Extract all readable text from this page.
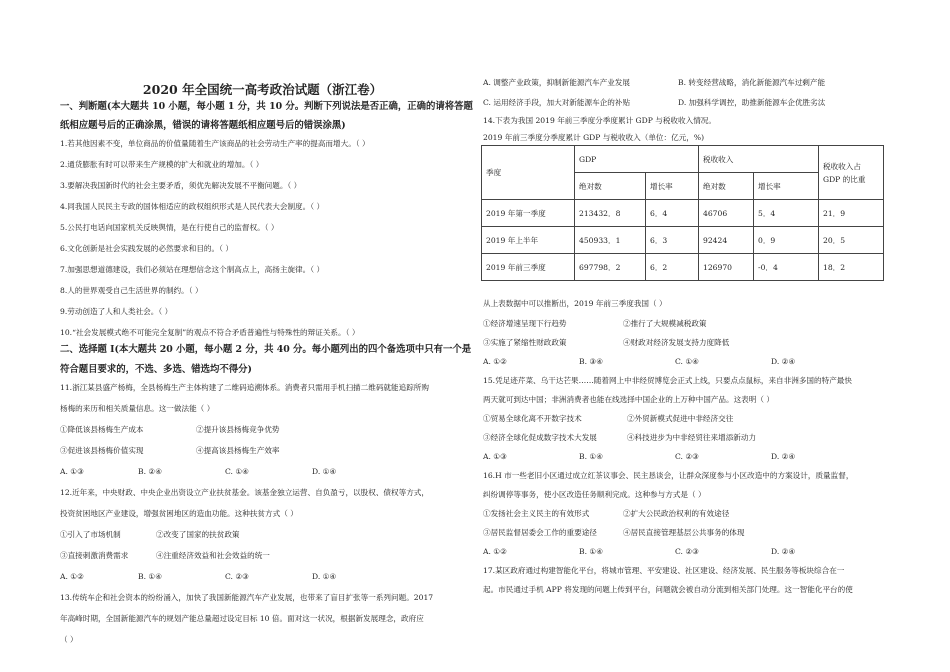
2020 年全国统一高考政治试题（浙江卷）
一、判断题(本大题共 10 小题，每小题 1 分，共 10 分。判断下列说法是否正确，正确的请将答题
纸相应题号后的正确涂黑，错误的请将答题纸相应题号后的错误涂黑)
1.若其他因素不变，单位商品的价值量随着生产该商品的社会劳动生产率的提高而增大。（ ）
2.通货膨胀有时可以带来生产规模的扩大和就业的增加。（ ）
3.要解决我国新时代的社会主要矛盾，须优先解决发展不平衡问题。（ ）
4.同我国人民民主专政的国体相适应的政权组织形式是人民代表大会制度。（ ）
5.公民打电话向国家机关反映舆情，是在行使自己的监督权。（ ）
6.文化创新是社会实践发展的必然要求和目的。（ ）
7.加强思想道德建设，我们必须站在理想信念这个制高点上，高扬主旋律。（ ）
8.人的世界观受自己生活世界的制约。（ ）
9.劳动创造了人和人类社会。（ ）
10.“社会发展模式绝不可能完全复制”的观点不符合矛盾普遍性与特殊性的辩证关系。（ ）
二、选择题 I(本大题共 20 小题，每小题 2 分，共 40 分。每小题列出的四个备选项中只有一个是
符合题目要求的，不选、多选、错选均不得分)
11.浙江某县盛产杨梅，全县杨梅生产主体构建了二维码追溯体系。消费者只需用手机扫描二维码就能追踪所购
杨梅的来历和相关质量信息。这一做法能（ ）
①降低该县杨梅生产成本	②提升该县杨梅竞争优势
③促进该县杨梅价值实现	④提高该县杨梅生产效率
A. ①③	B. ②④	C. ①④	D. ①④
12.近年来，中央财政、中央企业出资设立产业扶贫基金。该基金独立运营、自负盈亏，以股权、债权等方式，
投资贫困地区产业建设，增强贫困地区的造血功能。这种扶贫方式（ ）
①引入了市场机制	②改变了国家的扶贫政策
③直接刺激消费需求	④注重经济效益和社会效益的统一
A. ①②	B. ①④	C. ②③	D. ①④
13.传统车企和社会资本的纷纷涌入，加快了我国新能源汽车产业发展，也带来了盲目扩张等一系列问题。2017
年高峰时期，全国新能源汽车的规划产能总量超过设定目标 10 倍。面对这一状况，根据新发展理念，政府应
（ ）
A. 调整产业政策，抑制新能源汽车产业发展	B. 转变经营战略，消化新能源汽车过剩产能
C. 运用经济手段，加大对新能源车企的补贴	D. 加强科学调控，助推新能源车企优胜劣汰
14.下表为我国 2019 年前三季度分季度累计 GDP 与税收收入情况。
2019 年前三季度分季度累计 GDP 与税收收入（单位：亿元，%)
季度	GDP		税收收入		税收收入占 GDP 的比重
	绝对数	增长率	绝对数	增长率	
2019 年第一季度	213432．8	6．4	46706	5．4	21．9
2019 年上半年	450933．1	6．3	92424	0．9	20．5
2019 年前三季度	697798．2	6．2	126970	-0．4	18．2
从上表数据中可以推断出，2019 年前三季度我国（ ）
①经济增速呈现下行趋势	②推行了大规模减税政策
③实施了紧缩性财政政策	④财政对经济发展支持力度降低
A. ①②	B. ③④	C. ①④	D. ②④
15.凭足迹芹菜、乌干达芒果……随着网上中非经贸博览会正式上线，只要点点鼠标，来自非洲多国的特产最快
两天就可到达中国；非洲消费者也能在线选择中国企业的上万种中国产品。这表明（ ）
①贸易全球化离不开数字技术	②外贸新模式促进中非经济交往
③经济全球化促成数字技术大发展	④科技进步为中非经贸往来增添新动力
A. ①③	B. ①④	C. ②③	D. ②④
16.H 市一些老旧小区通过成立红茶议事会、民主恳谈会，让群众深度参与小区改造中的方案设计，质量监督，
纠纷调停等事务，使小区改造任务顺利完成。这种参与方式是（ ）
①发扬社会主义民主的有效形式	②扩大公民政治权利的有效途径
③居民监督居委会工作的重要途径	④居民直接管理基层公共事务的体现
A. ①②	B. ①④	C. ②③	D. ②④
17.某区政府通过构建智能化平台，将城市管理、平安建设、社区建设、经济发展、民生服务等板块综合在一
起。市民通过手机 APP 将发现的问题上传到平台，问题就会被自动分流到相关部门处理。这一智能化平台的使
